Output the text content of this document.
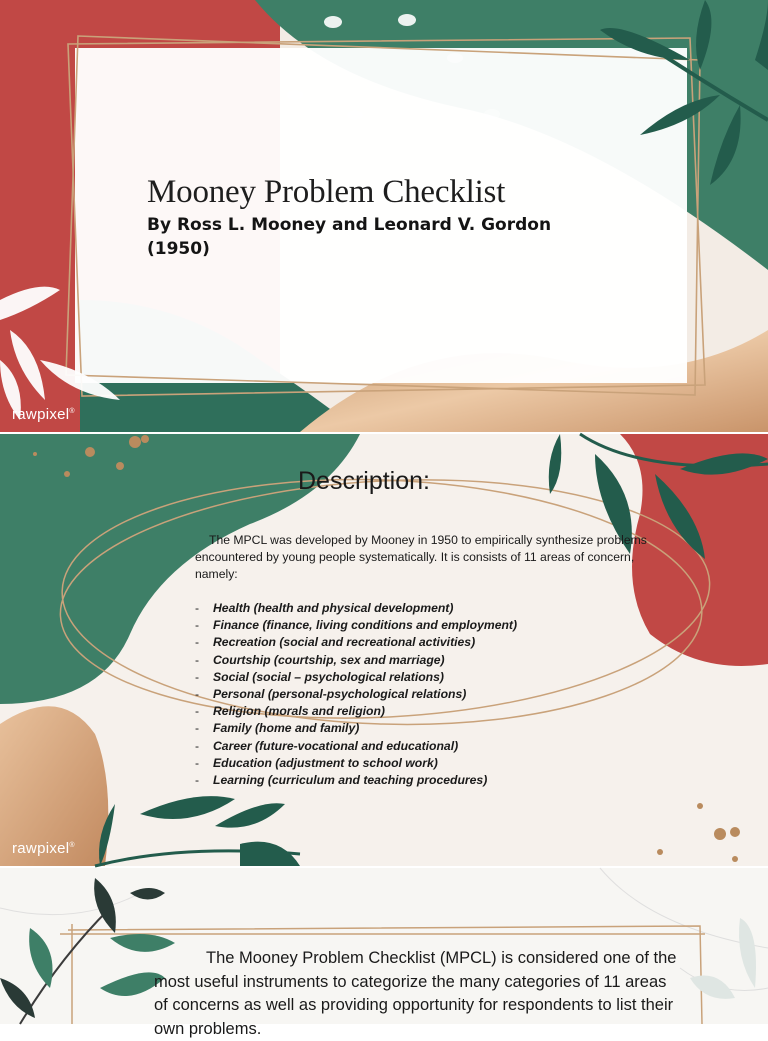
Mooney Problem Checklist
By Ross L. Mooney and Leonard V. Gordon (1950)
rawpixel®
Description:
The MPCL was developed by Mooney in 1950 to empirically synthesize problems encountered by young people systematically. It is consists of 11 areas of concern, namely:
- Health (health and physical development)
- Finance (finance, living conditions and employment)
- Recreation (social and recreational activities)
- Courtship (courtship, sex and marriage)
- Social (social – psychological relations)
- Personal (personal-psychological relations)
- Religion (morals and religion)
- Family (home and family)
- Career (future-vocational and educational)
- Education (adjustment to school work)
- Learning (curriculum and teaching procedures)
rawpixel®
The Mooney Problem Checklist (MPCL) is considered one of the most useful instruments to categorize the many categories of 11 areas of concerns as well as providing opportunity for respondents to list their own problems.
